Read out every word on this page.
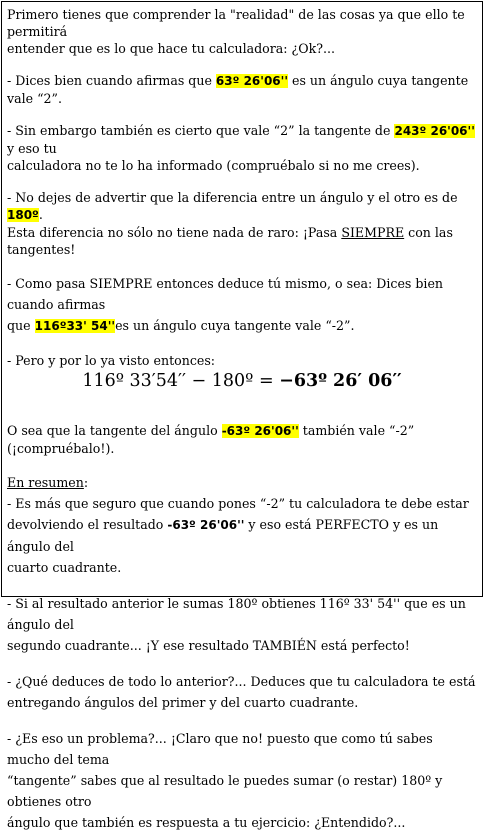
Primero tienes que comprender la "realidad" de las cosas ya que ello te permitirá
entender que es lo que hace tu calculadora: ¿Ok?...

- Dices bien cuando afirmas que 63º 26'06'' es un ángulo cuya tangente vale “2”.

- Sin embargo también es cierto que vale “2” la tangente de 243º 26'06'' y eso tu
calculadora no te lo ha informado (compruébalo si no me crees).

- No dejes de advertir que la diferencia entre un ángulo y el otro es de 180º.
Esta diferencia no sólo no tiene nada de raro: ¡Pasa SIEMPRE con las tangentes!

- Como pasa SIEMPRE entonces deduce tú mismo, o sea: Dices bien cuando afirmas
que 116º33' 54''es un ángulo cuya tangente vale “-2”.

- Pero y por lo ya visto entonces:

116º 33′54′′ − 180º = −63º 26′ 06′′

O sea que la tangente del ángulo -63º 26'06'' también vale “-2” (¡compruébalo!).

En resumen:
- Es más que seguro que cuando pones “-2” tu calculadora te debe estar
devolviendo el resultado -63º 26'06'' y eso está PERFECTO y es un ángulo del
cuarto cuadrante.

- Si al resultado anterior le sumas 180º obtienes 116º 33' 54'' que es un ángulo del
segundo cuadrante... ¡Y ese resultado TAMBIÉN está perfecto!

- ¿Qué deduces de todo lo anterior?... Deduces que tu calculadora te está
entregando ángulos del primer y del cuarto cuadrante.

- ¿Es eso un problema?... ¡Claro que no! puesto que como tú sabes mucho del tema
“tangente” sabes que al resultado le puedes sumar (o restar) 180º y obtienes otro
ángulo que también es respuesta a tu ejercicio: ¿Entendido?...
